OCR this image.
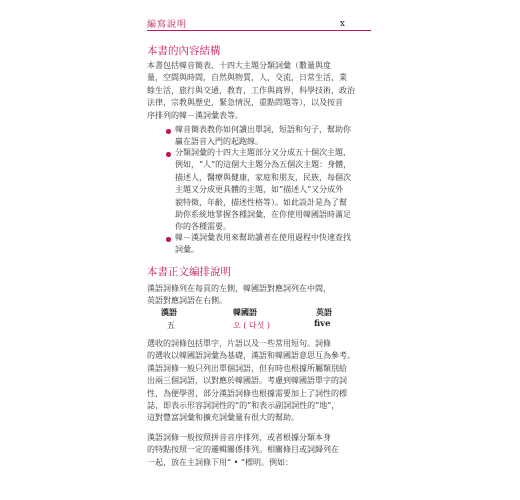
編寫說明	x
本書的內容結構

本書包括韓音簡表、十四大主題分類詞彙（數量與度
量，空間與時間，自然與物質，人，交流，日常生活，業
餘生活，旅行與交通，教育，工作與商界，科學技術，政治
法律，宗教與歷史，緊急情況，重點問題等），以及按音
序排列的韓－漢詞彙表等。

韓音簡表教你如何讀出單詞，短語和句子，幫助你
贏在語音入門的起跑線。

分類詞彙的十四大主題部分又分成五十個次主題，
例如，“人”的這個大主題分為五個次主題：身體，
描述人，醫療與健康，家庭和朋友，民族，每個次
主題又分成更具體的主題，如“描述人”又分成外
貌特徵，年齡，描述性格等）。如此設計是為了幫
助你系統地掌握各種詞彙，在你使用韓國語時滿足
你的各種需要。

韓－漢詞彙表用來幫助讀者在使用過程中快速查找
詞彙。

本書正文編排說明

漢語詞條列在每頁的左側，韓國語對應詞列在中間，
英語對應詞語在右側。

漢語	韓國語	英語
五	오 ( 다섯 )	five

選收的詞條包括單字，片語以及一些常用短句。詞條
的選收以韓國語詞彙為基礎，漢語和韓國語意思互為參考。
漢語詞條一般只列出單個詞語，但有時也根據所屬類別給
出兩三個詞語，以對應於韓國語。考慮到韓國語單字的詞
性，為便學習，部分漢語詞條也根據需要加上了詞性的標
誌，即表示形容詞詞性的“的”和表示副詞詞性的“地”，
這對豐富詞彙和擴充詞彙量有很大的幫助。

漢語詞條一般按照拼音音序排列，或者根據分類本身
的特點按照一定的邏輯關係排列。相關條目或詞歸列在
一起，放在主詞條下用“ • ”標明。例如：
